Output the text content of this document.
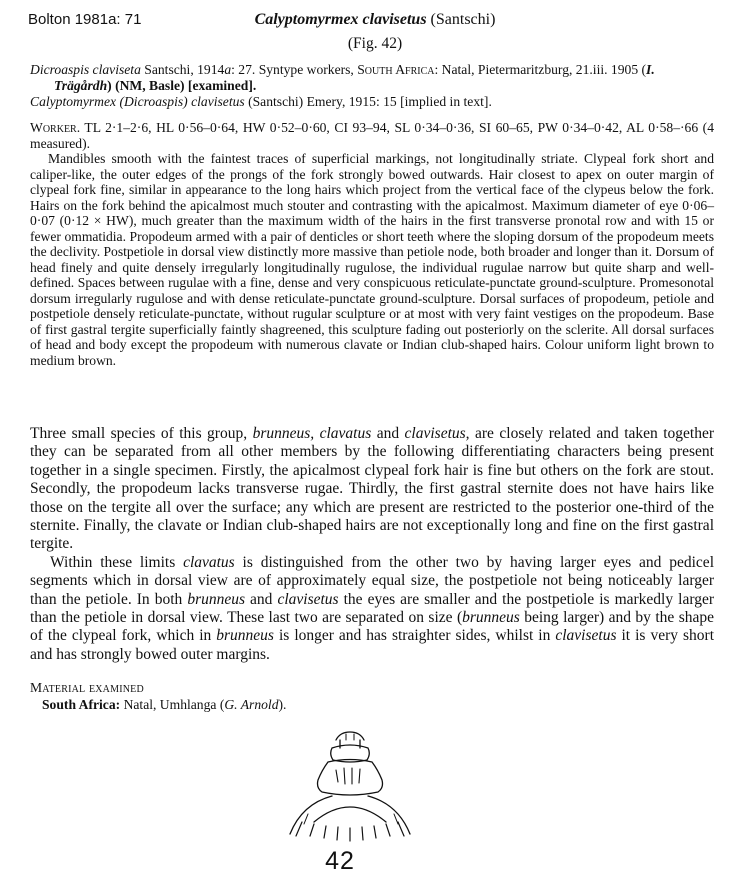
Bolton 1981a: 71	Calyptomyrmex clavisetus (Santschi)
(Fig. 42)

Dicroaspis claviseta Santschi, 1914a: 27. Syntype workers, South Africa: Natal, Pietermaritzburg, 21.iii. 1905 (I. Trägårdh) (NM, Basle) [examined].

Calyptomyrmex (Dicroaspis) clavisetus (Santschi) Emery, 1915: 15 [implied in text].

Worker. TL 2·1–2·6, HL 0·56–0·64, HW 0·52–0·60, CI 93–94, SL 0·34–0·36, SI 60–65, PW 0·34–0·42, AL 0·58–·66 (4 measured).

Mandibles smooth with the faintest traces of superficial markings, not longitudinally striate. Clypeal fork short and caliper-like, the outer edges of the prongs of the fork strongly bowed outwards. Hair closest to apex on outer margin of clypeal fork fine, similar in appearance to the long hairs which project from the vertical face of the clypeus below the fork. Hairs on the fork behind the apicalmost much stouter and contrasting with the apicalmost. Maximum diameter of eye 0·06–0·07 (0·12 × HW), much greater than the maximum width of the hairs in the first transverse pronotal row and with 15 or fewer ommatidia. Propodeum armed with a pair of denticles or short teeth where the sloping dorsum of the propodeum meets the declivity. Postpetiole in dorsal view distinctly more massive than petiole node, both broader and longer than it. Dorsum of head finely and quite densely irregularly longitudinally rugulose, the individual rugulae narrow but quite sharp and well-defined. Spaces between rugulae with a fine, dense and very conspicuous reticulate-punctate ground-sculpture. Promesonotal dorsum irregularly rugulose and with dense reticulate-punctate ground-sculpture. Dorsal surfaces of propodeum, petiole and postpetiole densely reticulate-punctate, without rugular sculpture or at most with very faint vestiges on the propodeum. Base of first gastral tergite superficially faintly shagreened, this sculpture fading out posteriorly on the sclerite. All dorsal surfaces of head and body except the propodeum with numerous clavate or Indian club-shaped hairs. Colour uniform light brown to medium brown.

Three small species of this group, brunneus, clavatus and clavisetus, are closely related and taken together they can be separated from all other members by the following differentiating characters being present together in a single specimen. Firstly, the apicalmost clypeal fork hair is fine but others on the fork are stout. Secondly, the propodeum lacks transverse rugae. Thirdly, the first gastral sternite does not have hairs like those on the tergite all over the surface; any which are present are restricted to the posterior one-third of the sternite. Finally, the clavate or Indian club-shaped hairs are not exceptionally long and fine on the first gastral tergite.

Within these limits clavatus is distinguished from the other two by having larger eyes and pedicel segments which in dorsal view are of approximately equal size, the postpetiole not being noticeably larger than the petiole. In both brunneus and clavisetus the eyes are smaller and the postpetiole is markedly larger than the petiole in dorsal view. These last two are separated on size (brunneus being larger) and by the shape of the clypeal fork, which in brunneus is longer and has straighter sides, whilst in clavisetus it is very short and has strongly bowed outer margins.

Material examined
South Africa: Natal, Umhlanga (G. Arnold).
42
